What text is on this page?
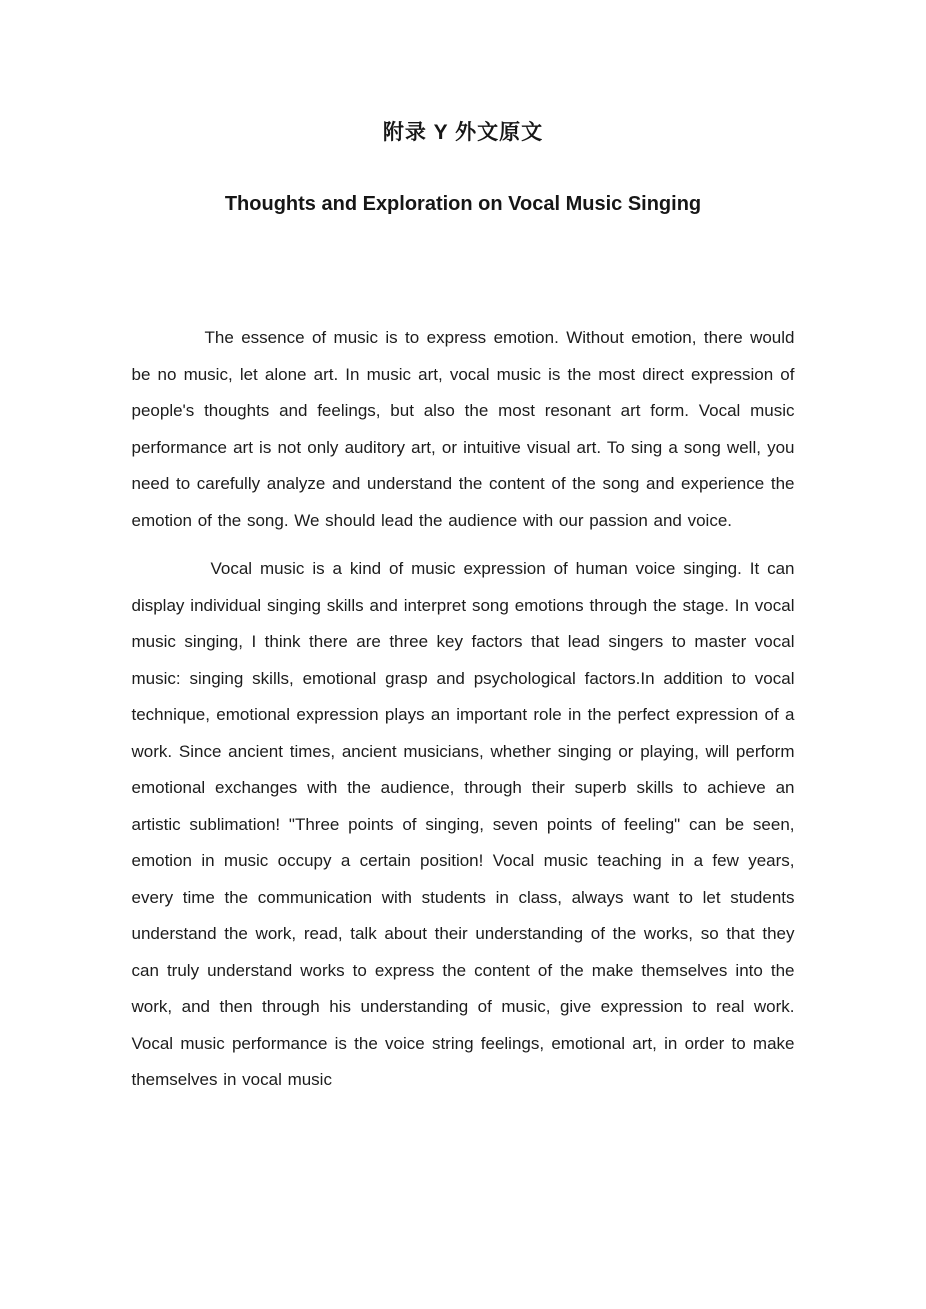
附录 Y 外文原文
Thoughts and Exploration on Vocal Music Singing

The essence of music is to express emotion. Without emotion, there would be no music, let alone art. In music art, vocal music is the most direct expression of people's thoughts and feelings, but also the most resonant art form. Vocal music performance art is not only auditory art, or intuitive visual art. To sing a song well, you need to carefully analyze and understand the content of the song and experience the emotion of the song. We should lead the audience with our passion and voice.

Vocal music is a kind of music expression of human voice singing. It can display individual singing skills and interpret song emotions through the stage. In vocal music singing, I think there are three key factors that lead singers to master vocal music: singing skills, emotional grasp and psychological factors.In addition to vocal technique, emotional expression plays an important role in the perfect expression of a work. Since ancient times, ancient musicians, whether singing or playing, will perform emotional exchanges with the audience, through their superb skills to achieve an artistic sublimation! "Three points of singing, seven points of feeling" can be seen, emotion in music occupy a certain position! Vocal music teaching in a few years, every time the communication with students in class, always want to let students understand the work, read, talk about their understanding of the works, so that they can truly understand works to express the content of the make themselves into the work, and then through his understanding of music, give expression to real work. Vocal music performance is the voice string feelings, emotional art, in order to make themselves in vocal music
